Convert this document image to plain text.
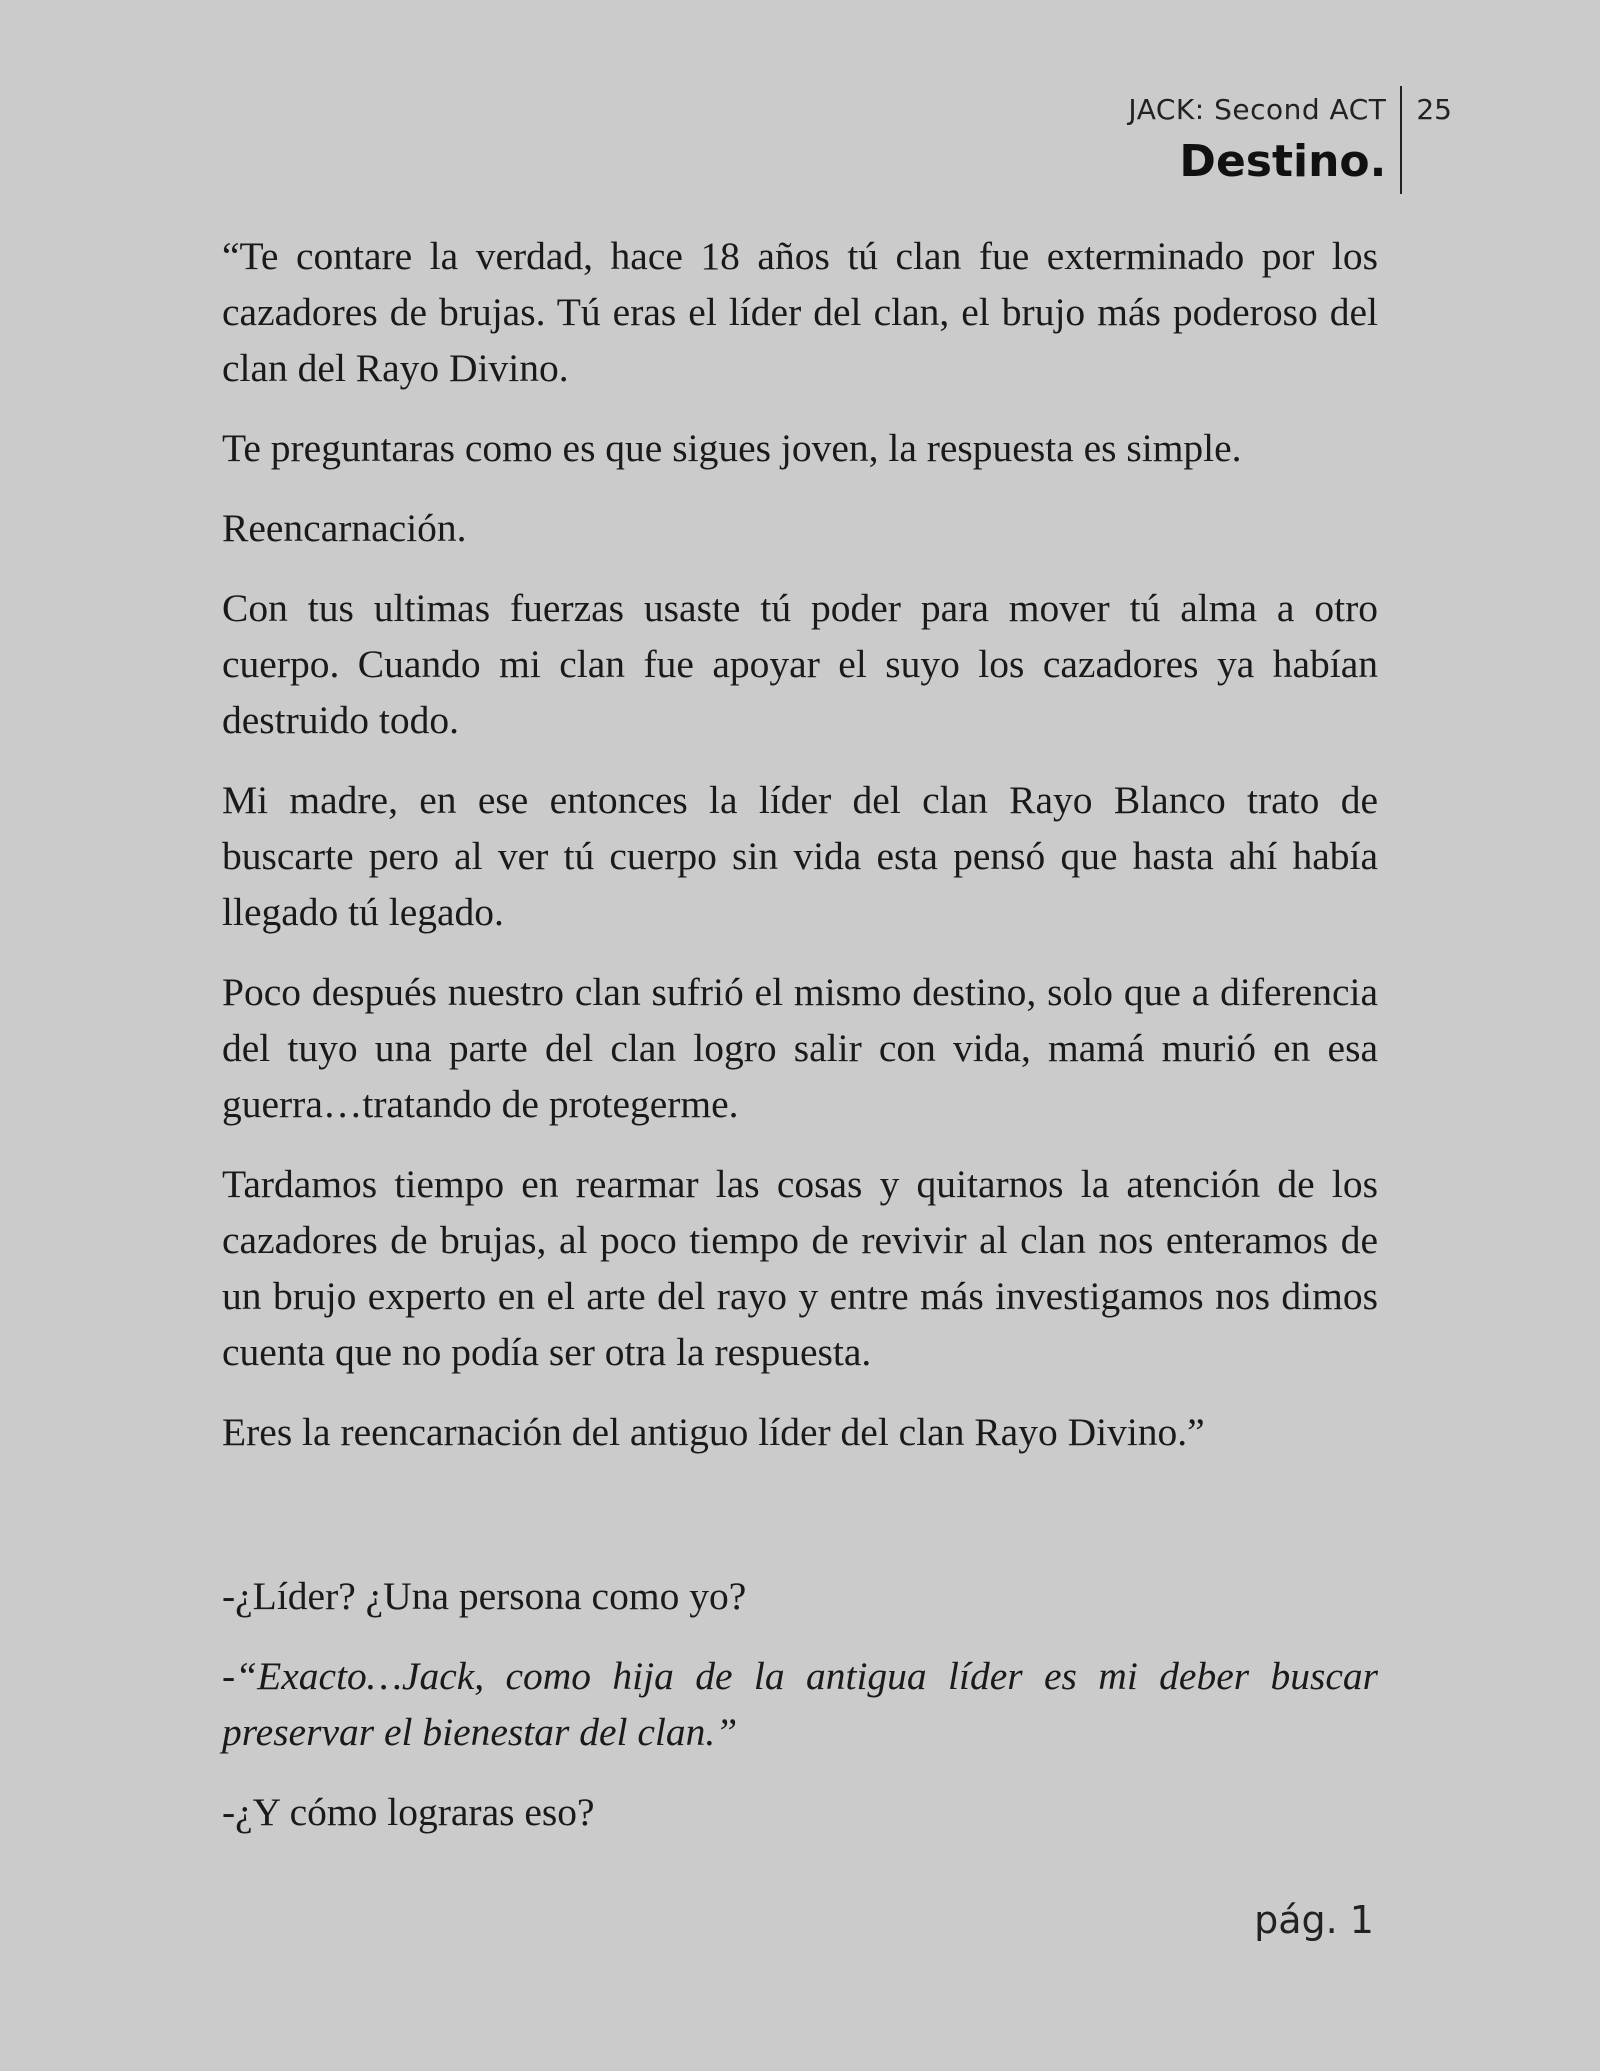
JACK: Second ACT
Destino.
25

“Te contare la verdad, hace 18 años tú clan fue exterminado por los cazadores de brujas. Tú eras el líder del clan, el brujo más poderoso del clan del Rayo Divino.

Te preguntaras como es que sigues joven, la respuesta es simple.

Reencarnación.

Con tus ultimas fuerzas usaste tú poder para mover tú alma a otro cuerpo. Cuando mi clan fue apoyar el suyo los cazadores ya habían destruido todo.

Mi madre, en ese entonces la líder del clan Rayo Blanco trato de buscarte pero al ver tú cuerpo sin vida esta pensó que hasta ahí había llegado tú legado.

Poco después nuestro clan sufrió el mismo destino, solo que a diferencia del tuyo una parte del clan logro salir con vida, mamá murió en esa guerra…tratando de protegerme.

Tardamos tiempo en rearmar las cosas y quitarnos la atención de los cazadores de brujas, al poco tiempo de revivir al clan nos enteramos de un brujo experto en el arte del rayo y entre más investigamos nos dimos cuenta que no podía ser otra la respuesta.

Eres la reencarnación del antiguo líder del clan Rayo Divino.”

-¿Líder? ¿Una persona como yo?

-“Exacto…Jack, como hija de la antigua líder es mi deber buscar preservar el bienestar del clan.”

-¿Y cómo lograras eso?

pág. 1
